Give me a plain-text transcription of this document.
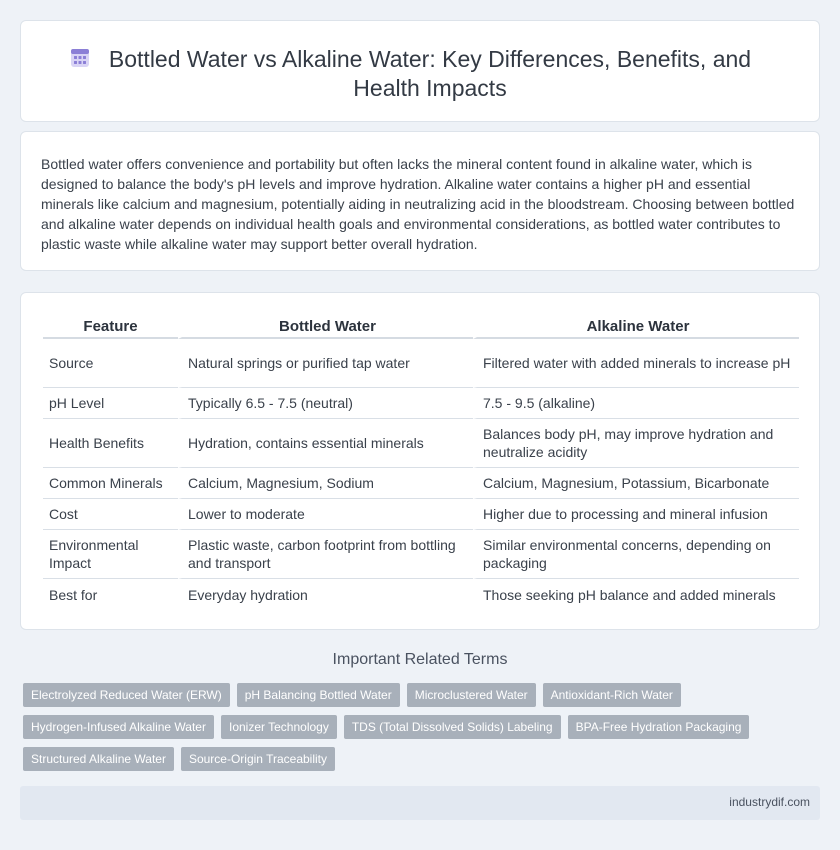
Bottled Water vs Alkaline Water: Key Differences, Benefits, and Health Impacts

Bottled water offers convenience and portability but often lacks the mineral content found in alkaline water, which is designed to balance the body's pH levels and improve hydration. Alkaline water contains a higher pH and essential minerals like calcium and magnesium, potentially aiding in neutralizing acid in the bloodstream. Choosing between bottled and alkaline water depends on individual health goals and environmental considerations, as bottled water contributes to plastic waste while alkaline water may support better overall hydration.

Feature	Bottled Water	Alkaline Water
Source	Natural springs or purified tap water	Filtered water with added minerals to increase pH
pH Level	Typically 6.5 - 7.5 (neutral)	7.5 - 9.5 (alkaline)
Health Benefits	Hydration, contains essential minerals	Balances body pH, may improve hydration and neutralize acidity
Common Minerals	Calcium, Magnesium, Sodium	Calcium, Magnesium, Potassium, Bicarbonate
Cost	Lower to moderate	Higher due to processing and mineral infusion
Environmental Impact	Plastic waste, carbon footprint from bottling and transport	Similar environmental concerns, depending on packaging
Best for	Everyday hydration	Those seeking pH balance and added minerals
Important Related Terms
Electrolyzed Reduced Water (ERW)	pH Balancing Bottled Water	Microclustered Water	Antioxidant-Rich Water
Hydrogen-Infused Alkaline Water	Ionizer Technology	TDS (Total Dissolved Solids) Labeling	BPA-Free Hydration Packaging
Structured Alkaline Water	Source-Origin Traceability
industrydif.com
